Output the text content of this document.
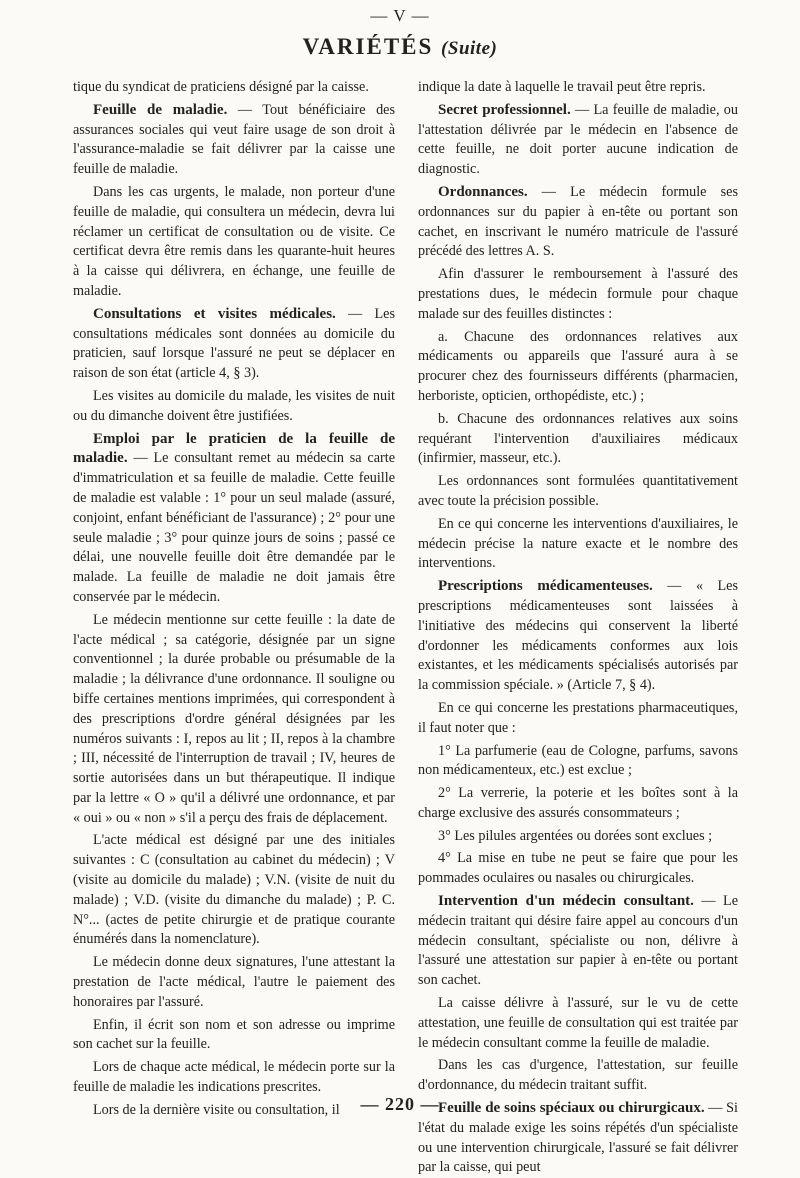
— V —
VARIÉTÉS (Suite)

tique du syndicat de praticiens désigné par la caisse.

Feuille de maladie. — Tout bénéficiaire des assurances sociales qui veut faire usage de son droit à l'assurance-maladie se fait délivrer par la caisse une feuille de maladie.

Dans les cas urgents, le malade, non porteur d'une feuille de maladie, qui consultera un médecin, devra lui réclamer un certificat de consultation ou de visite. Ce certificat devra être remis dans les quarante-huit heures à la caisse qui délivrera, en échange, une feuille de maladie.

Consultations et visites médicales. — Les consultations médicales sont données au domicile du praticien, sauf lorsque l'assuré ne peut se déplacer en raison de son état (article 4, § 3).

Les visites au domicile du malade, les visites de nuit ou du dimanche doivent être justifiées.

Emploi par le praticien de la feuille de maladie. — Le consultant remet au médecin sa carte d'immatriculation et sa feuille de maladie. Cette feuille de maladie est valable : 1° pour un seul malade (assuré, conjoint, enfant bénéficiant de l'assurance) ; 2° pour une seule maladie ; 3° pour quinze jours de soins ; passé ce délai, une nouvelle feuille doit être demandée par le malade. La feuille de maladie ne doit jamais être conservée par le médecin.

Le médecin mentionne sur cette feuille : la date de l'acte médical ; sa catégorie, désignée par un signe conventionnel ; la durée probable ou présumable de la maladie ; la délivrance d'une ordonnance. Il souligne ou biffe certaines mentions imprimées, qui correspondent à des prescriptions d'ordre général désignées par les numéros suivants : I, repos au lit ; II, repos à la chambre ; III, nécessité de l'interruption de travail ; IV, heures de sortie autorisées dans un but thérapeutique. Il indique par la lettre « O » qu'il a délivré une ordonnance, et par « oui » ou « non » s'il a perçu des frais de déplacement.

L'acte médical est désigné par une des initiales suivantes : C (consultation au cabinet du médecin) ; V (visite au domicile du malade) ; V.N. (visite de nuit du malade) ; V.D. (visite du dimanche du malade) ; P. C. N°... (actes de petite chirurgie et de pratique courante énumérés dans la nomenclature).

Le médecin donne deux signatures, l'une attestant la prestation de l'acte médical, l'autre le paiement des honoraires par l'assuré.

Enfin, il écrit son nom et son adresse ou imprime son cachet sur la feuille.

Lors de chaque acte médical, le médecin porte sur la feuille de maladie les indications prescrites.

Lors de la dernière visite ou consultation, il

indique la date à laquelle le travail peut être repris.

Secret professionnel. — La feuille de maladie, ou l'attestation délivrée par le médecin en l'absence de cette feuille, ne doit porter aucune indication de diagnostic.

Ordonnances. — Le médecin formule ses ordonnances sur du papier à en-tête ou portant son cachet, en inscrivant le numéro matricule de l'assuré précédé des lettres A. S.

Afin d'assurer le remboursement à l'assuré des prestations dues, le médecin formule pour chaque malade sur des feuilles distinctes :

a. Chacune des ordonnances relatives aux médicaments ou appareils que l'assuré aura à se procurer chez des fournisseurs différents (pharmacien, herboriste, opticien, orthopédiste, etc.) ;

b. Chacune des ordonnances relatives aux soins requérant l'intervention d'auxiliaires médicaux (infirmier, masseur, etc.).

Les ordonnances sont formulées quantitativement avec toute la précision possible.

En ce qui concerne les interventions d'auxiliaires, le médecin précise la nature exacte et le nombre des interventions.

Prescriptions médicamenteuses. — « Les prescriptions médicamenteuses sont laissées à l'initiative des médecins qui conservent la liberté d'ordonner les médicaments conformes aux lois existantes, et les médicaments spécialisés autorisés par la commission spéciale. » (Article 7, § 4).

En ce qui concerne les prestations pharmaceutiques, il faut noter que :

1° La parfumerie (eau de Cologne, parfums, savons non médicamenteux, etc.) est exclue ;

2° La verrerie, la poterie et les boîtes sont à la charge exclusive des assurés consommateurs ;

3° Les pilules argentées ou dorées sont exclues ;

4° La mise en tube ne peut se faire que pour les pommades oculaires ou nasales ou chirurgicales.

Intervention d'un médecin consultant. — Le médecin traitant qui désire faire appel au concours d'un médecin consultant, spécialiste ou non, délivre à l'assuré une attestation sur papier à en-tête ou portant son cachet.

La caisse délivre à l'assuré, sur le vu de cette attestation, une feuille de consultation qui est traitée par le médecin consultant comme la feuille de maladie.

Dans les cas d'urgence, l'attestation, sur feuille d'ordonnance, du médecin traitant suffit.

Feuille de soins spéciaux ou chirurgicaux. — Si l'état du malade exige les soins répétés d'un spécialiste ou une intervention chirurgicale, l'assuré se fait délivrer par la caisse, qui peut

— 220 —
